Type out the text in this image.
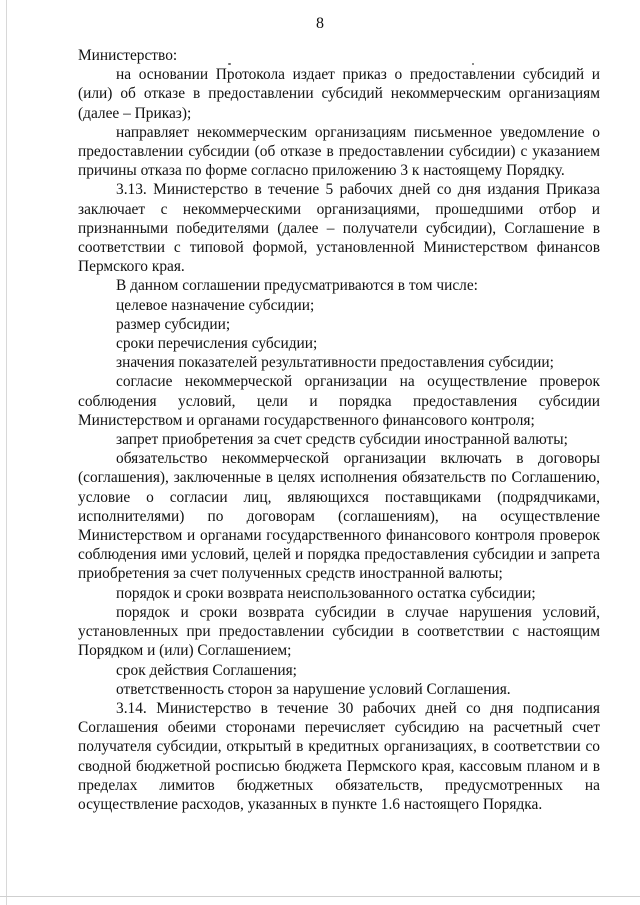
8

Министерство:

на основании Протокола издает приказ о предоставлении субсидий и (или) об отказе в предоставлении субсидий некоммерческим организациям (далее – Приказ);

направляет некоммерческим организациям письменное уведомление о предоставлении субсидии (об отказе в предоставлении субсидии) с указанием причины отказа по форме согласно приложению 3 к настоящему Порядку.

3.13. Министерство в течение 5 рабочих дней со дня издания Приказа заключает с некоммерческими организациями, прошедшими отбор и признанными победителями (далее – получатели субсидии), Соглашение в соответствии с типовой формой, установленной Министерством финансов Пермского края.

В данном соглашении предусматриваются в том числе:

целевое назначение субсидии;

размер субсидии;

сроки перечисления субсидии;

значения показателей результативности предоставления субсидии;

согласие некоммерческой организации на осуществление проверок соблюдения условий, цели и порядка предоставления субсидии Министерством и органами государственного финансового контроля;

запрет приобретения за счет средств субсидии иностранной валюты;

обязательство некоммерческой организации включать в договоры (соглашения), заключенные в целях исполнения обязательств по Соглашению, условие о согласии лиц, являющихся поставщиками (подрядчиками, исполнителями) по договорам (соглашениям), на осуществление Министерством и органами государственного финансового контроля проверок соблюдения ими условий, целей и порядка предоставления субсидии и запрета приобретения за счет полученных средств иностранной валюты;

порядок и сроки возврата неиспользованного остатка субсидии;

порядок и сроки возврата субсидии в случае нарушения условий, установленных при предоставлении субсидии в соответствии с настоящим Порядком и (или) Соглашением;

срок действия Соглашения;

ответственность сторон за нарушение условий Соглашения.

3.14. Министерство в течение 30 рабочих дней со дня подписания Соглашения обеими сторонами перечисляет субсидию на расчетный счет получателя субсидии, открытый в кредитных организациях, в соответствии со сводной бюджетной росписью бюджета Пермского края, кассовым планом и в пределах лимитов бюджетных обязательств, предусмотренных на осуществление расходов, указанных в пункте 1.6 настоящего Порядка.
